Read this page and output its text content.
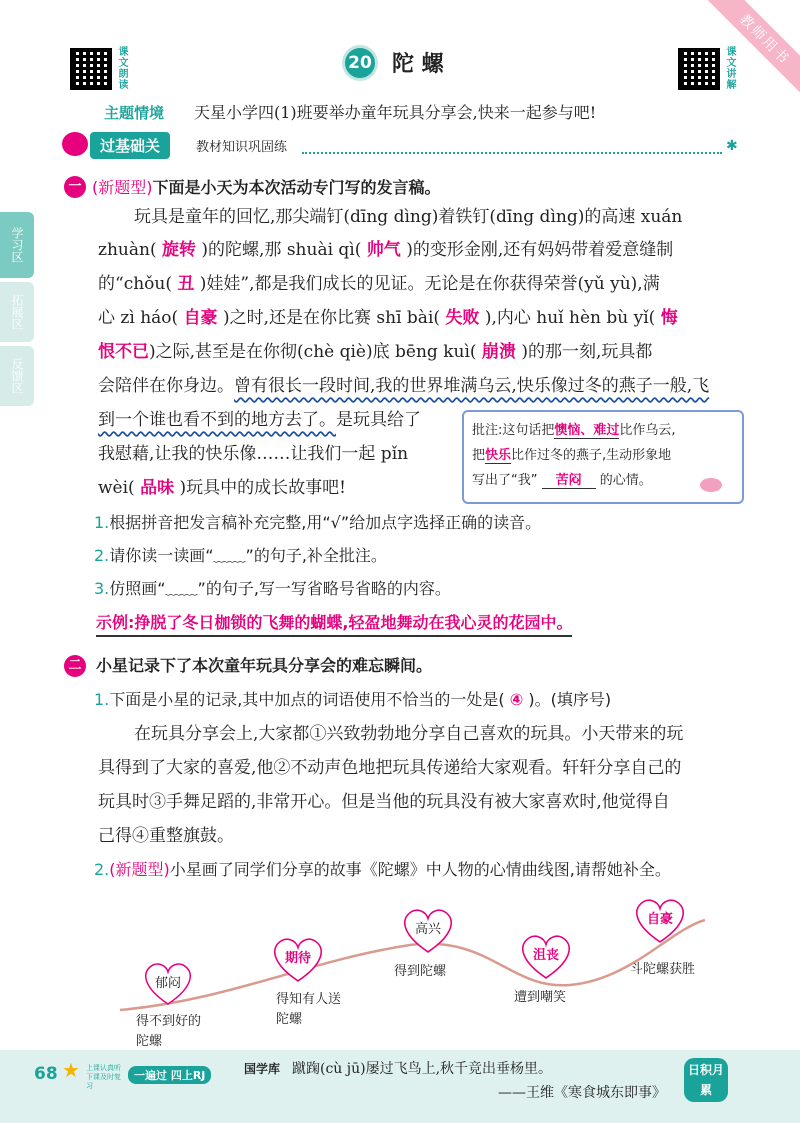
教师用书
课文朗读	20 陀 螺	课文讲解
主题情境 天星小学四(1)班要举办童年玩具分享会,快来一起参与吧!
过基础关	教材知识巩固练	✱
学习区
拓展区
反馈区
一 (新题型)下面是小天为本次活动专门写的发言稿。
玩具是童年的回忆,那尖端钉(dīng dìng)着铁钉(dīng dìng)的高速 xuán
zhuàn( 旋转 )的陀螺,那 shuài qì( 帅气 )的变形金刚,还有妈妈带着爱意缝制
的“chǒu( 丑 )娃娃”,都是我们成长的见证。无论是在你获得荣誉(yǔ yù),满
心 zì háo( 自豪 )之时,还是在你比赛 shī bài( 失败 ),内心 huǐ hèn bù yǐ( 悔
恨不已)之际,甚至是在你彻(chè qiè)底 bēng kuì( 崩溃 )的那一刻,玩具都
会陪伴在你身边。曾有很长一段时间,我的世界堆满乌云,快乐像过冬的燕子一般,飞
到一个谁也看不到的地方去了。是玩具给了
我慰藉,让我的快乐像……让我们一起 pǐn
wèi( 品味 )玩具中的成长故事吧!
批注:这句话把懊恼、难过比作乌云,
把快乐比作过冬的燕子,生动形象地
写出了“我” 苦闷 的心情。
1.根据拼音把发言稿补充完整,用“√”给加点字选择正确的读音。
2.请你读一读画“﹏﹏”的句子,补全批注。
3.仿照画“﹏﹏”的句子,写一写省略号省略的内容。
示例:挣脱了冬日枷锁的飞舞的蝴蝶,轻盈地舞动在我心灵的花园中。
二 小星记录下了本次童年玩具分享会的难忘瞬间。
1.下面是小星的记录,其中加点的词语使用不恰当的一处是( ④ )。(填序号)
在玩具分享会上,大家都①兴致勃勃地分享自己喜欢的玩具。小天带来的玩
具得到了大家的喜爱,他②不动声色地把玩具传递给大家观看。轩轩分享自己的
玩具时③手舞足蹈的,非常开心。但是当他的玩具没有被大家喜欢时,他觉得自
己得④重整旗鼓。
2.(新题型)小星画了同学们分享的故事《陀螺》中人物的心情曲线图,请帮她补全。
郁闷
得不到好的陀螺
期待
得知有人送陀螺
高兴
得到陀螺
沮丧
遭到嘲笑
自豪
斗陀螺获胜
68 ★ 上课认真听 下课及时复习
一遍过 四上RJ	国学库 蹴踘(cù jū)屡过飞鸟上,秋千竞出垂杨里。
——王维《寒食城东即事》
日积月累
